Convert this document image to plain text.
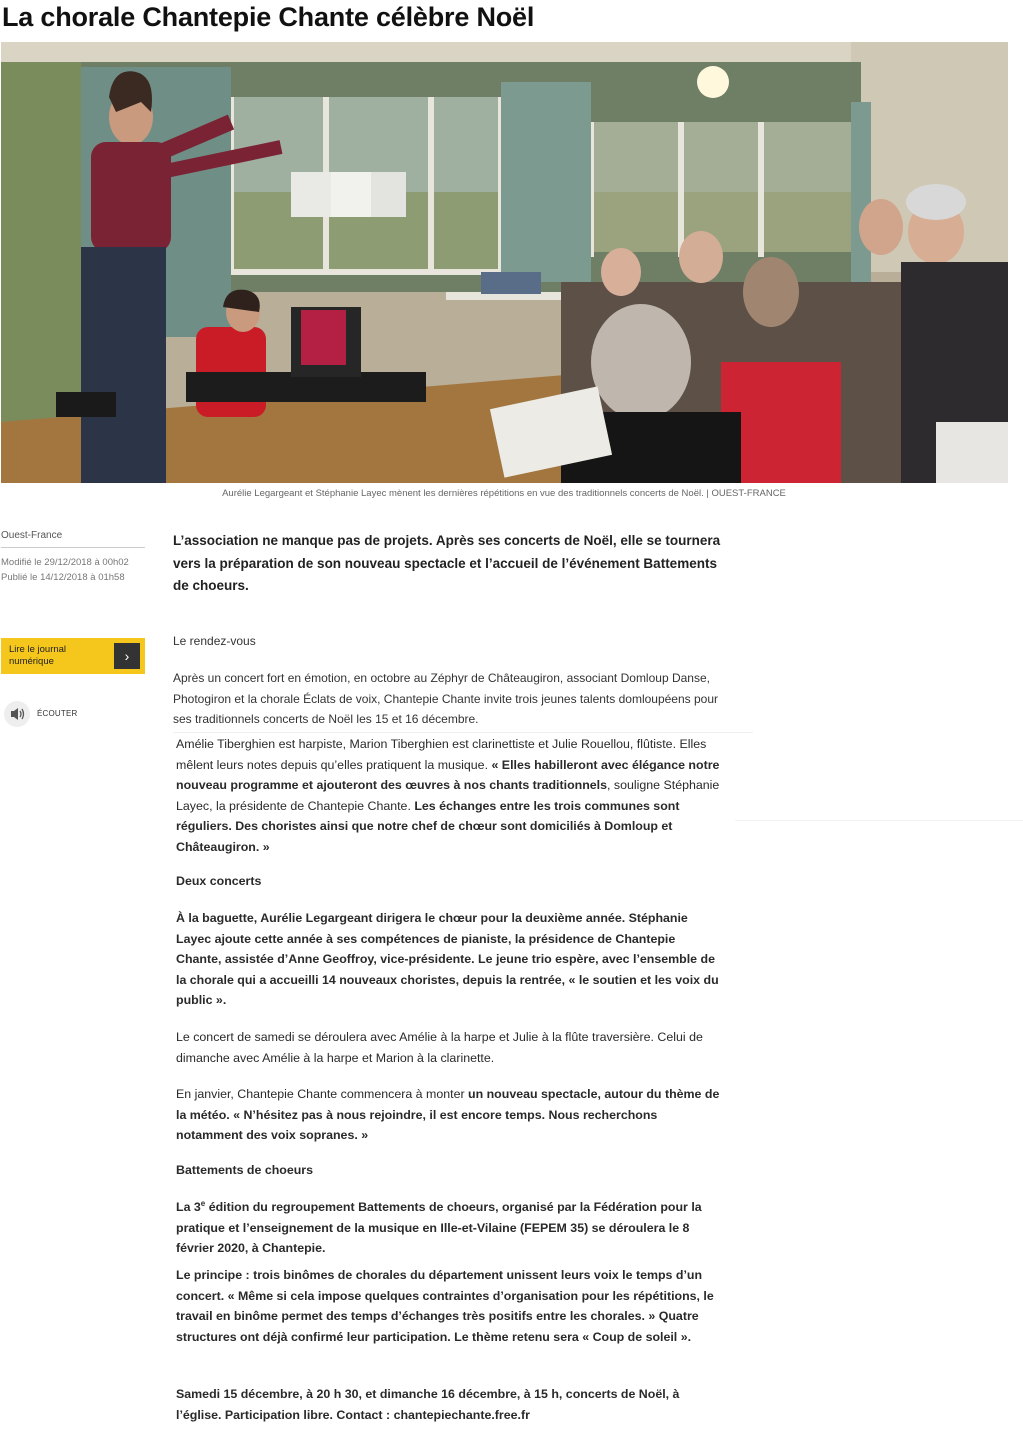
La chorale Chantepie Chante célèbre Noël
Aurélie Legargeant et Stéphanie Layec mènent les dernières répétitions en vue des traditionnels concerts de Noël. | OUEST-FRANCE
Ouest-France
Modifié le 29/12/2018 à 00h02
Publié le 14/12/2018 à 01h58
Lire le journal numérique	›
ÉCOUTER
L’association ne manque pas de projets. Après ses concerts de Noël, elle se tournera vers la préparation de son nouveau spectacle et l’accueil de l’événement Battements de choeurs.
Le rendez-vous
Après un concert fort en émotion, en octobre au Zéphyr de Châteaugiron, associant Domloup Danse, Photogiron et la chorale Éclats de voix, Chantepie Chante invite trois jeunes talents domloupéens pour ses traditionnels concerts de Noël les 15 et 16 décembre.

Amélie Tiberghien est harpiste, Marion Tiberghien est clarinettiste et Julie Rouellou, flûtiste. Elles mêlent leurs notes depuis qu’elles pratiquent la musique. « Elles habilleront avec élégance notre nouveau programme et ajouteront des œuvres à nos chants traditionnels, souligne Stéphanie Layec, la présidente de Chantepie Chante. Les échanges entre les trois communes sont réguliers. Des choristes ainsi que notre chef de chœur sont domiciliés à Domloup et Châteaugiron. »

Deux concerts

À la baguette, Aurélie Legargeant dirigera le chœur pour la deuxième année. Stéphanie Layec ajoute cette année à ses compétences de pianiste, la présidence de Chantepie Chante, assistée d’Anne Geoffroy, vice-présidente. Le jeune trio espère, avec l’ensemble de la chorale qui a accueilli 14 nouveaux choristes, depuis la rentrée, « le soutien et les voix du public ».

Le concert de samedi se déroulera avec Amélie à la harpe et Julie à la flûte traversière. Celui de dimanche avec Amélie à la harpe et Marion à la clarinette.

En janvier, Chantepie Chante commencera à monter un nouveau spectacle, autour du thème de la météo. « N’hésitez pas à nous rejoindre, il est encore temps. Nous recherchons notamment des voix sopranes. »

Battements de choeurs

La 3e édition du regroupement Battements de choeurs, organisé par la Fédération pour la pratique et l’enseignement de la musique en Ille-et-Vilaine (FEPEM 35) se déroulera le 8 février 2020, à Chantepie.

Le principe : trois binômes de chorales du département unissent leurs voix le temps d’un concert. « Même si cela impose quelques contraintes d’organisation pour les répétitions, le travail en binôme permet des temps d’échanges très positifs entre les chorales. » Quatre structures ont déjà confirmé leur participation. Le thème retenu sera « Coup de soleil ».

Samedi 15 décembre, à 20 h 30, et dimanche 16 décembre, à 15 h, concerts de Noël, à l’église. Participation libre. Contact : chantepiechante.free.fr
